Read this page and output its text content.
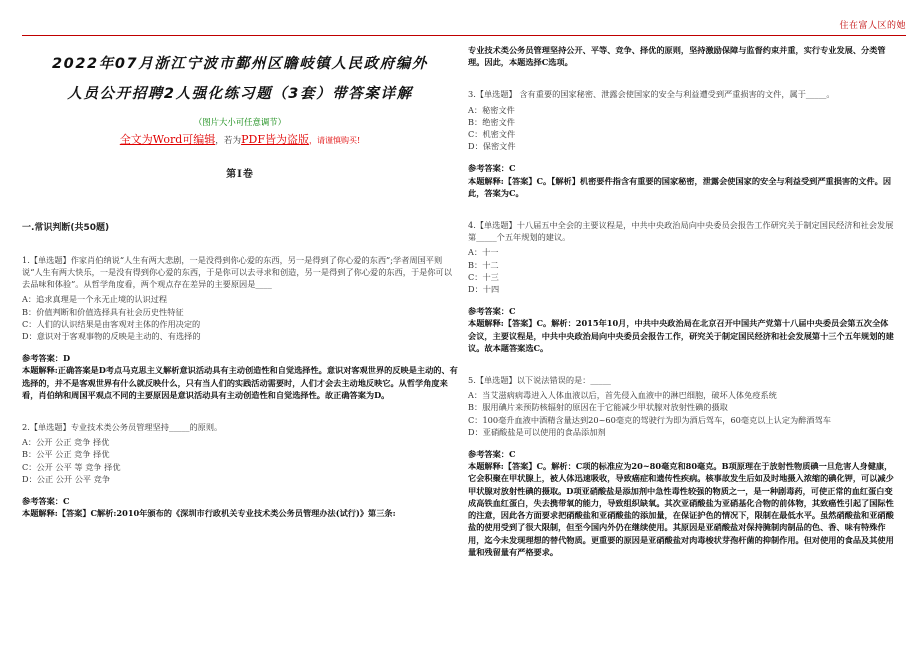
住在富人区的她
2022年07月浙江宁波市鄞州区瞻岐镇人民政府编外
人员公开招聘2人强化练习题（3套）带答案详解
（图片大小可任意调节）
全文为Word可编辑，若为PDF皆为盗版，请谨慎购买!
第Ⅰ卷
一.常识判断(共50题)
1.【单选题】作家肖伯纳说“人生有两大悲剧，一是没得到你心爱的东西，另一是得到了你心爱的东西”;学者周国平则说“人生有两大快乐，一是没有得到你心爱的东西，于是你可以去寻求和创造，另一是得到了你心爱的东西，于是你可以去品味和体验”。从哲学角度看，两个观点存在差异的主要原因是____
A：追求真理是一个永无止境的认识过程
B：价值判断和价值选择具有社会历史性特征
C：人们的认识结果是由客观对主体的作用决定的
D：意识对于客观事物的反映是主动的、有选择的
参考答案：D
本题解释:正确答案是D考点马克思主义解析意识活动具有主动创造性和自觉选择性。意识对客观世界的反映是主动的、有选择的，并不是客观世界有什么就反映什么，只有当人们的实践活动需要时，人们才会去主动地反映它。从哲学角度来看，肖伯纳和周国平观点不同的主要原因是意识活动具有主动创造性和自觉选择性。故正确答案为D。
2.【单选题】专业技术类公务员管理坚持_____的原则。
A：公开 公正 竞争 择优
B：公平 公正 竞争 择优
C：公开 公平 等 竞争 择优
D：公正 公开 公平 竞争
参考答案：C
本题解释:【答案】C解析:2010年颁布的《深圳市行政机关专业技术类公务员管理办法(试行)》第三条:
专业技术类公务员管理坚持公开、平等、竞争、择优的原则，坚持激励保障与监督约束并重，实行专业发展、分类管理。因此，本题选择C选项。
3.【单选题】 含有重要的国家秘密、泄露会使国家的安全与利益遭受到严重损害的文件，属于_____。
A：秘密文件
B：绝密文件
C：机密文件
D：保密文件
参考答案：C
本题解释:【答案】C。【解析】机密要件指含有重要的国家秘密，泄露会使国家的安全与利益受到严重损害的文件。因此，答案为C。
4.【单选题】十八届五中全会的主要议程是，中共中央政治局向中央委员会报告工作研究关于制定国民经济和社会发展第_____个五年规划的建议。
A：十一
B：十二
C：十三
D：十四
参考答案：C
本题解释:【答案】C。解析：2015年10月，中共中央政治局在北京召开中国共产党第十八届中央委员会第五次全体会议，主要议程是，中共中央政治局向中央委员会报告工作，研究关于制定国民经济和社会发展第十三个五年规划的建议。故本题答案选C。
5.【单选题】以下说法错误的是：_____
A：当艾滋病病毒进入人体血液以后，首先侵入血液中的淋巴细胞，破坏人体免疫系统
B：服用碘片来预防核辐射的原因在于它能减少甲状腺对放射性碘的摄取
C：100毫升血液中酒精含量达到20~60毫克的驾驶行为即为酒后驾车，60毫克以上认定为醉酒驾车
D：亚硝酸盐是可以使用的食品添加剂
参考答案：C
本题解释:【答案】C。解析：C项的标准应为20~80毫克和80毫克。B项原理在于放射性物质碘一旦危害人身健康，它会积聚在甲状腺上，被人体迅速吸收，导致癌症和遗传性疾病。核事故发生后如及时地摄入浓缩的碘化钾，可以减少甲状腺对放射性碘的摄取。D项亚硝酸盐是添加剂中急性毒性较强的物质之一，是一种剧毒药，可使正常的血红蛋白变成高铁血红蛋白，失去携带氧的能力，导致组织缺氧。其次亚硝酸盐为亚硝基化合物的前体物，其致癌性引起了国际性的注意，因此各方面要求把硝酸盐和亚硝酸盐的添加量，在保证护色的情况下，限制在最低水平。虽然硝酸盐和亚硝酸盐的使用受到了很大限制，但至今国内外仍在继续使用。其原因是亚硝酸盐对保持腌制肉制品的色、香、味有特殊作用，迄今未发现理想的替代物质。更重要的原因是亚硝酸盐对肉毒梭状芽孢杆菌的抑制作用。但对使用的食品及其使用量和残留量有严格要求。
